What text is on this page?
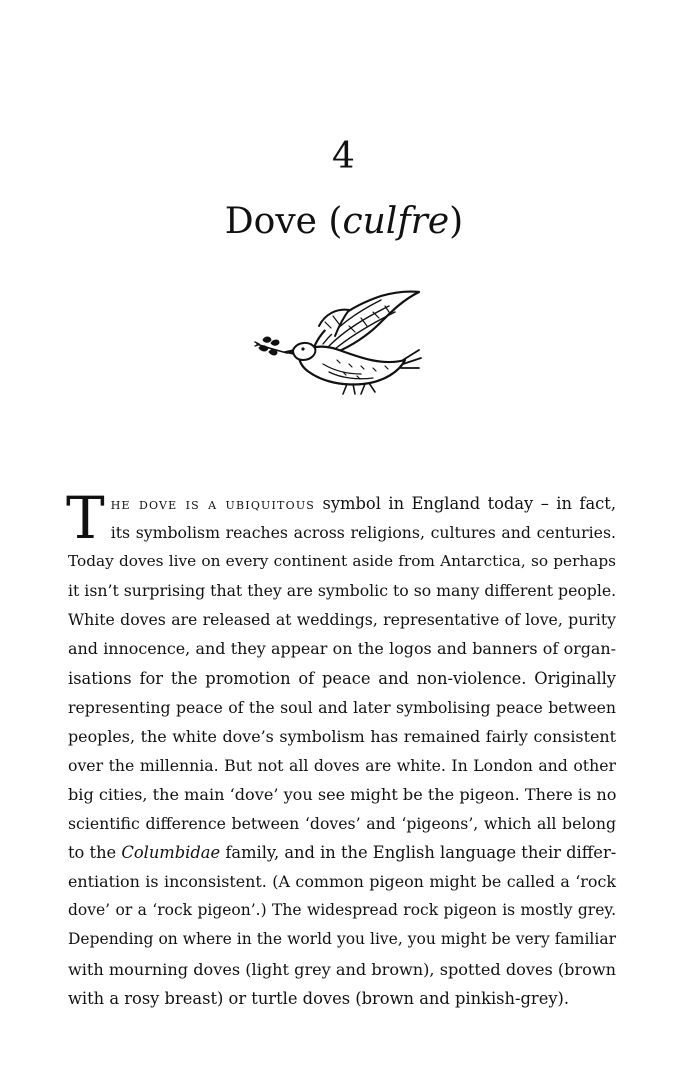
4
Dove (culfre)
The dove is a ubiquitous symbol in England today – in fact,
its symbolism reaches across religions, cultures and centuries.
Today doves live on every continent aside from Antarctica, so perhaps
it isn’t surprising that they are symbolic to so many different people.
White doves are released at weddings, representative of love, purity
and innocence, and they appear on the logos and banners of organ-
isations for the promotion of peace and non-violence. Originally
representing peace of the soul and later symbolising peace between
peoples, the white dove’s symbolism has remained fairly consistent
over the millennia. But not all doves are white. In London and other
big cities, the main ‘dove’ you see might be the pigeon. There is no
scientific difference between ‘doves’ and ‘pigeons’, which all belong
to the Columbidae family, and in the English language their differ-
entiation is inconsistent. (A common pigeon might be called a ‘rock
dove’ or a ‘rock pigeon’.) The widespread rock pigeon is mostly grey.
Depending on where in the world you live, you might be very familiar
with mourning doves (light grey and brown), spotted doves (brown
with a rosy breast) or turtle doves (brown and pinkish-grey).
